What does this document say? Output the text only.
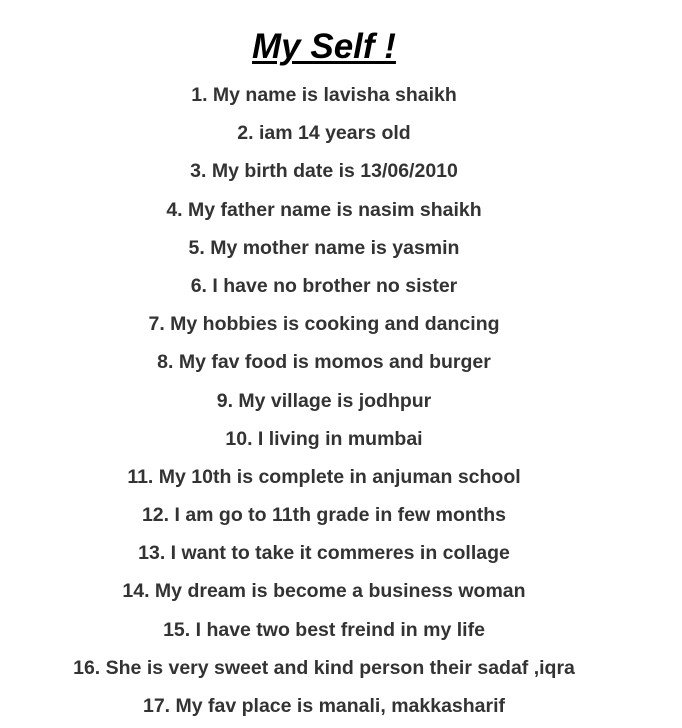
My Self !
1. My name is lavisha shaikh
2. iam 14 years old
3. My birth date is 13/06/2010
4. My father name is nasim shaikh
5. My mother name is yasmin
6. I have no brother no sister
7. My hobbies is cooking and dancing
8. My fav food is momos and burger
9. My village is jodhpur
10. I living in mumbai
11. My 10th is complete in anjuman school
12. I am go to 11th grade in few months
13. I want to take it commeres in collage
14. My dream is become a business woman
15. I have two best freind in my life
16. She is very sweet and kind person their sadaf ,iqra
17. My fav place is manali, makkasharif
